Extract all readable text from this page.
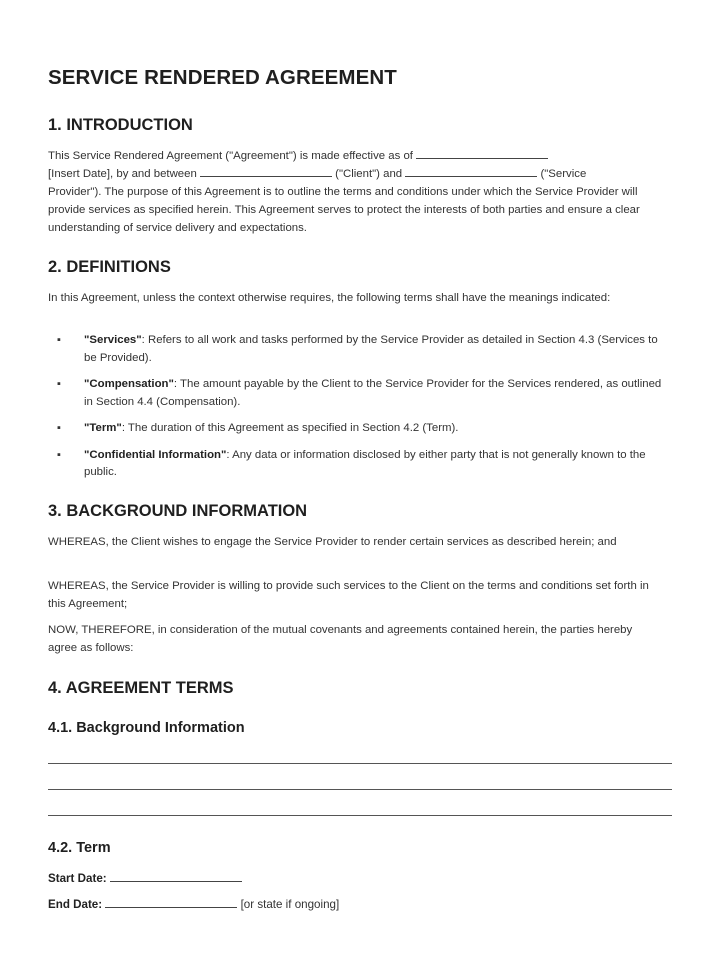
SERVICE RENDERED AGREEMENT
1. INTRODUCTION
This Service Rendered Agreement ("Agreement") is made effective as of
[Insert Date], by and between	("Client") and	("Service
Provider"). The purpose of this Agreement is to outline the terms and conditions under which the Service Provider will provide services as specified herein. This Agreement serves to protect the interests of both parties and ensure a clear understanding of service delivery and expectations.
2. DEFINITIONS

In this Agreement, unless the context otherwise requires, the following terms shall have the meanings indicated:

▪ "Services": Refers to all work and tasks performed by the Service Provider as detailed in Section 4.3 (Services to be Provided).
▪ "Compensation": The amount payable by the Client to the Service Provider for the Services rendered, as outlined in Section 4.4 (Compensation).
▪ "Term": The duration of this Agreement as specified in Section 4.2 (Term).
▪ "Confidential Information": Any data or information disclosed by either party that is not generally known to the public.
3. BACKGROUND INFORMATION

WHEREAS, the Client wishes to engage the Service Provider to render certain services as described herein; and

WHEREAS, the Service Provider is willing to provide such services to the Client on the terms and conditions set forth in this Agreement;

NOW, THEREFORE, in consideration of the mutual covenants and agreements contained herein, the parties hereby agree as follows:

4. AGREEMENT TERMS
4.1. Background Information
4.2. Term
Start Date:
End Date:	[or state if ongoing]
